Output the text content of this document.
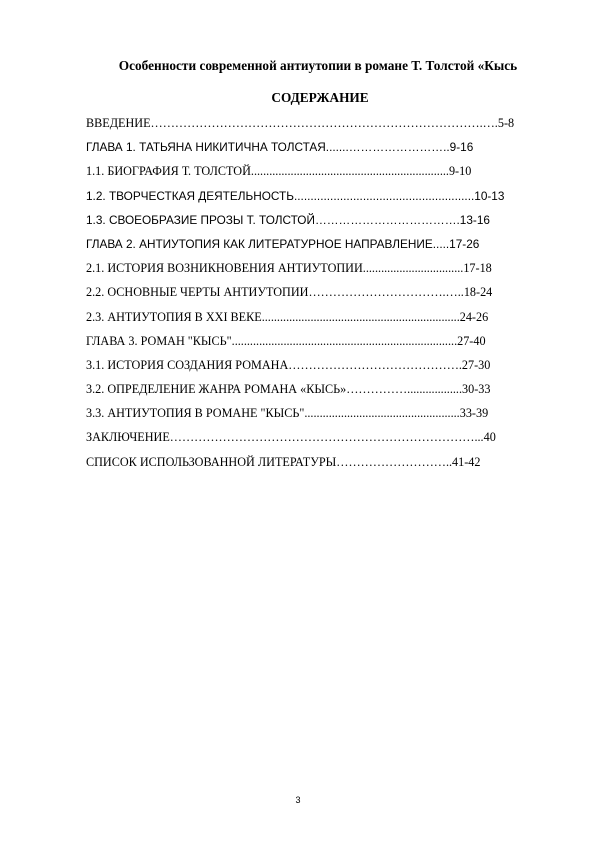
Особенности современной антиутопии в романе Т. Толстой «Кысь
СОДЕРЖАНИЕ
ВВЕДЕНИЕ……………………………………………………………………….….5-8
ГЛАВА 1. ТАТЬЯНА НИКИТИЧНА ТОЛСТАЯ.......……………………..9-16
1.1. БИОГРАФИЯ Т. ТОЛСТОЙ.................................................................9-10
1.2. ТВОРЧЕСТКАЯ ДЕЯТЕЛЬНОСТЬ.......................................................10-13
1.3. СВОЕОБРАЗИЕ ПРОЗЫ Т. ТОЛСТОЙ……………………………….13-16
ГЛАВА 2. АНТИУТОПИЯ КАК ЛИТЕРАТУРНОЕ НАПРАВЛЕНИЕ.....17-26
2.1. ИСТОРИЯ ВОЗНИКНОВЕНИЯ АНТИУТОПИИ.................................17-18
2.2. ОСНОВНЫЕ ЧЕРТЫ АНТИУТОПИИ…………………………….…..18-24
2.3. АНТИУТОПИЯ В XXI ВЕКЕ.................................................................24-26
ГЛАВА 3. РОМАН "КЫСЬ"..........................................................................27-40
3.1. ИСТОРИЯ СОЗДАНИЯ РОМАНА…………………………………….27-30
3.2. ОПРЕДЕЛЕНИЕ ЖАНРА РОМАНА «КЫСЬ»……………..................30-33
3.3. АНТИУТОПИЯ В РОМАНЕ "КЫСЬ"...................................................33-39
ЗАКЛЮЧЕНИЕ…………………………………………………………………...40
СПИСОК ИСПОЛЬЗОВАННОЙ ЛИТЕРАТУРЫ………………………..41-42
3
